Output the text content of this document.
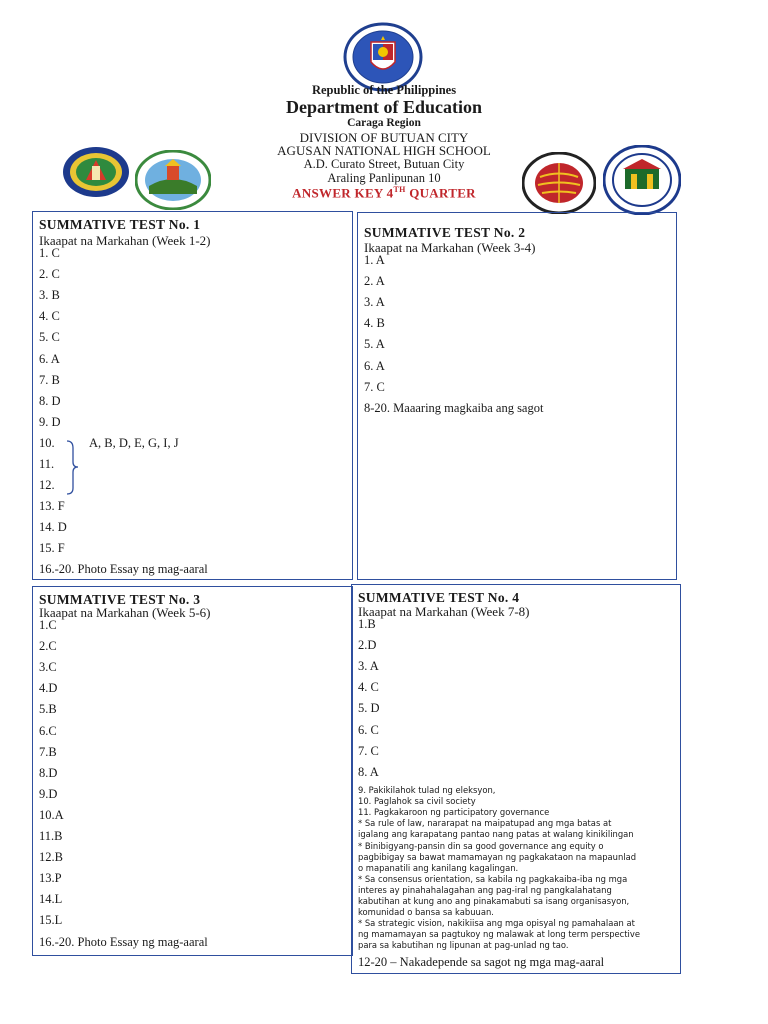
Republic of the Philippines
Department of Education
Caraga Region
DIVISION OF BUTUAN CITY
AGUSAN NATIONAL HIGH SCHOOL
A.D. Curato Street, Butuan City
Araling Panlipunan 10
ANSWER KEY 4TH QUARTER
SUMMATIVE TEST No. 1
Ikaapat na Markahan (Week 1-2)
1. C
2. C
3. B
4. C
5. C
6. A
7. B
8. D
9. D
10.
11.
12.
A, B, D, E, G, I, J
13. F
14. D
15. F
16.-20. Photo Essay ng mag-aaral
SUMMATIVE TEST No. 2
Ikaapat na Markahan (Week 3-4)
1. A
2. A
3. A
4. B
5. A
6. A
7. C
8-20. Maaaring magkaiba ang sagot
SUMMATIVE TEST No. 3
Ikaapat na Markahan (Week 5-6)
1.C
2.C
3.C
4.D
5.B
6.C
7.B
8.D
9.D
10.A
11.B
12.B
13.P
14.L
15.L
16.-20. Photo Essay ng mag-aaral
SUMMATIVE TEST No. 4
Ikaapat na Markahan (Week 7-8)
1.B
2.D
3. A
4. C
5. D
6. C
7. C
8. A
9. Pakikilahok tulad ng eleksyon,
10. Paglahok sa civil society
11. Pagkakaroon ng participatory governance
* Sa rule of law, nararapat na maipatupad ang mga batas at
igalang ang karapatang pantao nang patas at walang kinikilingan
* Binibigyang-pansin din sa good governance ang equity o
pagbibigay sa bawat mamamayan ng pagkakataon na mapaunlad
o mapanatili ang kanilang kagalingan.
* Sa consensus orientation, sa kabila ng pagkakaiba-iba ng mga
interes ay pinahahalagahan ang pag-iral ng pangkalahatang
kabutihan at kung ano ang pinakamabuti sa isang organisasyon,
komunidad o bansa sa kabuuan.
* Sa strategic vision, nakikiisa ang mga opisyal ng pamahalaan at
ng mamamayan sa pagtukoy ng malawak at long term perspective
para sa kabutihan ng lipunan at pag-unlad ng tao.
12-20 – Nakadepende sa sagot ng mga mag-aaral
